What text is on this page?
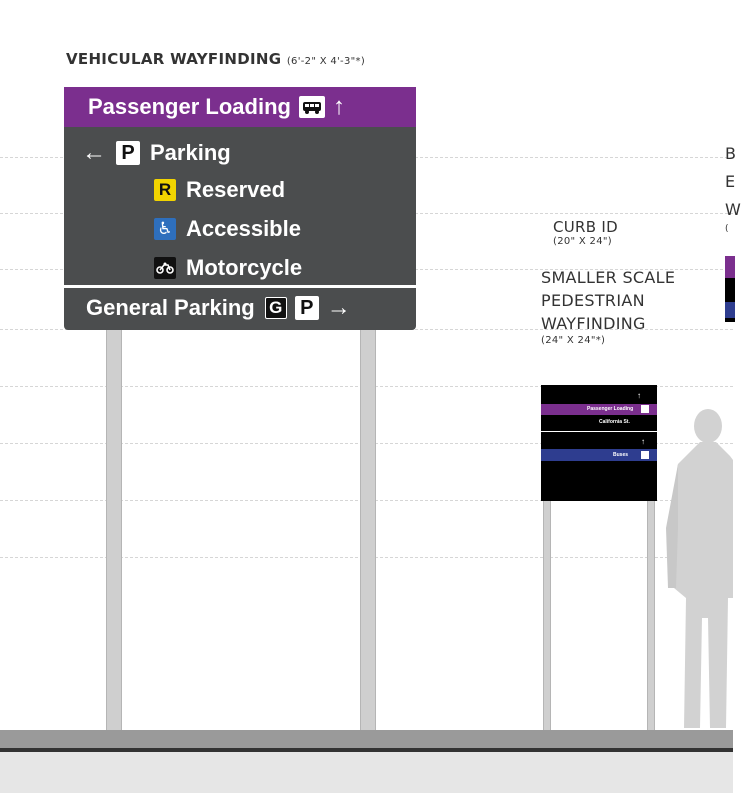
VEHICULAR WAYFINDING (6'-2" X 4'-3"*)
Passenger Loading ↑
← P Parking
R Reserved
♿ Accessible
Motorcycle
General Parking G P →
CURB ID
(20" X 24")
SMALLER SCALE
PEDESTRIAN
WAYFINDING
(24" X 24"*)
B
E
W
(
↑
Passenger Loading
California St.
↑
Buses
